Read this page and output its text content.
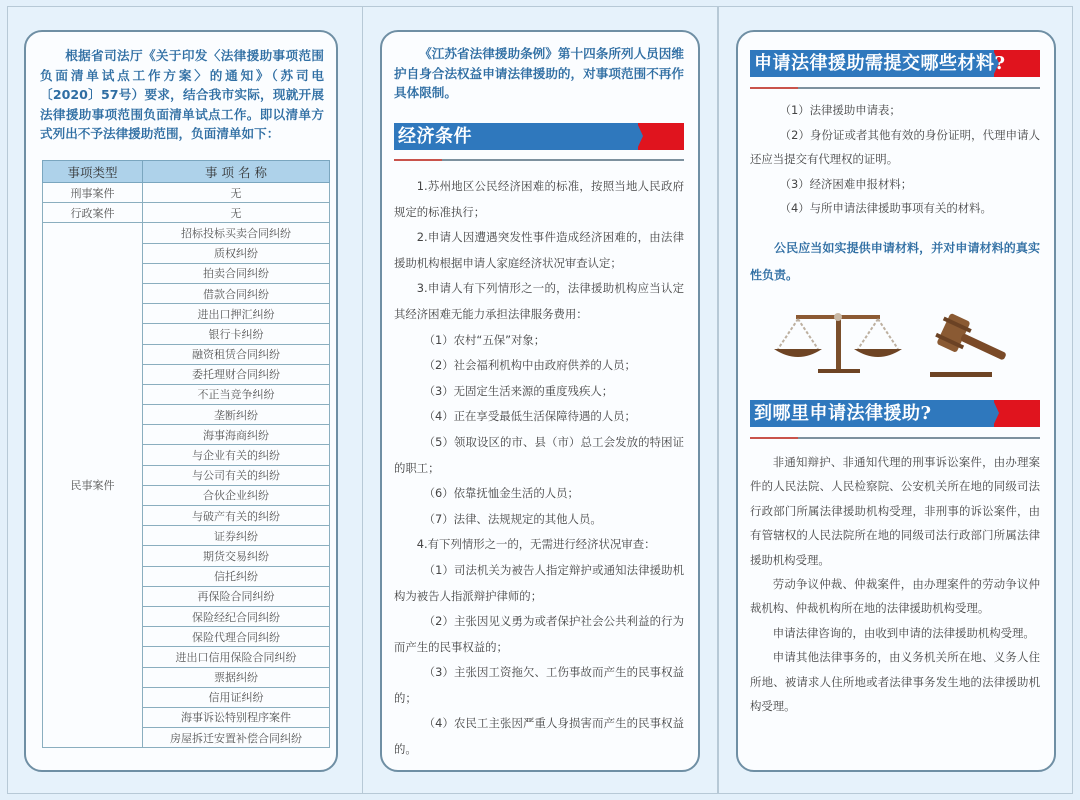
根据省司法厅《关于印发〈法律援助事项范围负面清单试点工作方案〉的通知》（苏司电〔2020〕57号）要求，结合我市实际，现就开展法律援助事项范围负面清单试点工作。即以清单方式列出不予法律援助范围，负面清单如下：
事项类型	事 项 名 称
刑事案件	无
行政案件	无
民事案件	招标投标买卖合同纠纷
	质权纠纷
	拍卖合同纠纷
	借款合同纠纷
	进出口押汇纠纷
	银行卡纠纷
	融资租赁合同纠纷
	委托理财合同纠纷
	不正当竞争纠纷
	垄断纠纷
	海事海商纠纷
	与企业有关的纠纷
	与公司有关的纠纷
	合伙企业纠纷
	与破产有关的纠纷
	证券纠纷
	期货交易纠纷
	信托纠纷
	再保险合同纠纷
	保险经纪合同纠纷
	保险代理合同纠纷
	进出口信用保险合同纠纷
	票据纠纷
	信用证纠纷
	海事诉讼特别程序案件
	房屋拆迁安置补偿合同纠纷
《江苏省法律援助条例》第十四条所列人员因维护自身合法权益申请法律援助的，对事项范围不再作具体限制。
经济条件

1.苏州地区公民经济困难的标准，按照当地人民政府规定的标准执行；

2.申请人因遭遇突发性事件造成经济困难的，由法律援助机构根据申请人家庭经济状况审查认定；

3.申请人有下列情形之一的，法律援助机构应当认定其经济困难无能力承担法律服务费用：

（1）农村“五保”对象；

（2）社会福利机构中由政府供养的人员；

（3）无固定生活来源的重度残疾人；

（4）正在享受最低生活保障待遇的人员；

（5）领取设区的市、县（市）总工会发放的特困证的职工；

（6）依靠抚恤金生活的人员；

（7）法律、法规规定的其他人员。

4.有下列情形之一的，无需进行经济状况审查：

（1）司法机关为被告人指定辩护或通知法律援助机构为被告人指派辩护律师的；

（2）主张因见义勇为或者保护社会公共利益的行为而产生的民事权益的；

（3）主张因工资拖欠、工伤事故而产生的民事权益的；

（4）农民工主张因严重人身损害而产生的民事权益的。

申请法律援助需提交哪些材料?

（1）法律援助申请表；

（2）身份证或者其他有效的身份证明，代理申请人还应当提交有代理权的证明。

（3）经济困难申报材料；

（4）与所申请法律援助事项有关的材料。

公民应当如实提供申请材料，并对申请材料的真实性负责。

到哪里申请法律援助?

非通知辩护、非通知代理的刑事诉讼案件，由办理案件的人民法院、人民检察院、公安机关所在地的同级司法行政部门所属法律援助机构受理，非刑事的诉讼案件，由有管辖权的人民法院所在地的同级司法行政部门所属法律援助机构受理。

劳动争议仲裁、仲裁案件，由办理案件的劳动争议仲裁机构、仲裁机构所在地的法律援助机构受理。

申请法律咨询的，由收到申请的法律援助机构受理。

申请其他法律事务的，由义务机关所在地、义务人住所地、被请求人住所地或者法律事务发生地的法律援助机构受理。
